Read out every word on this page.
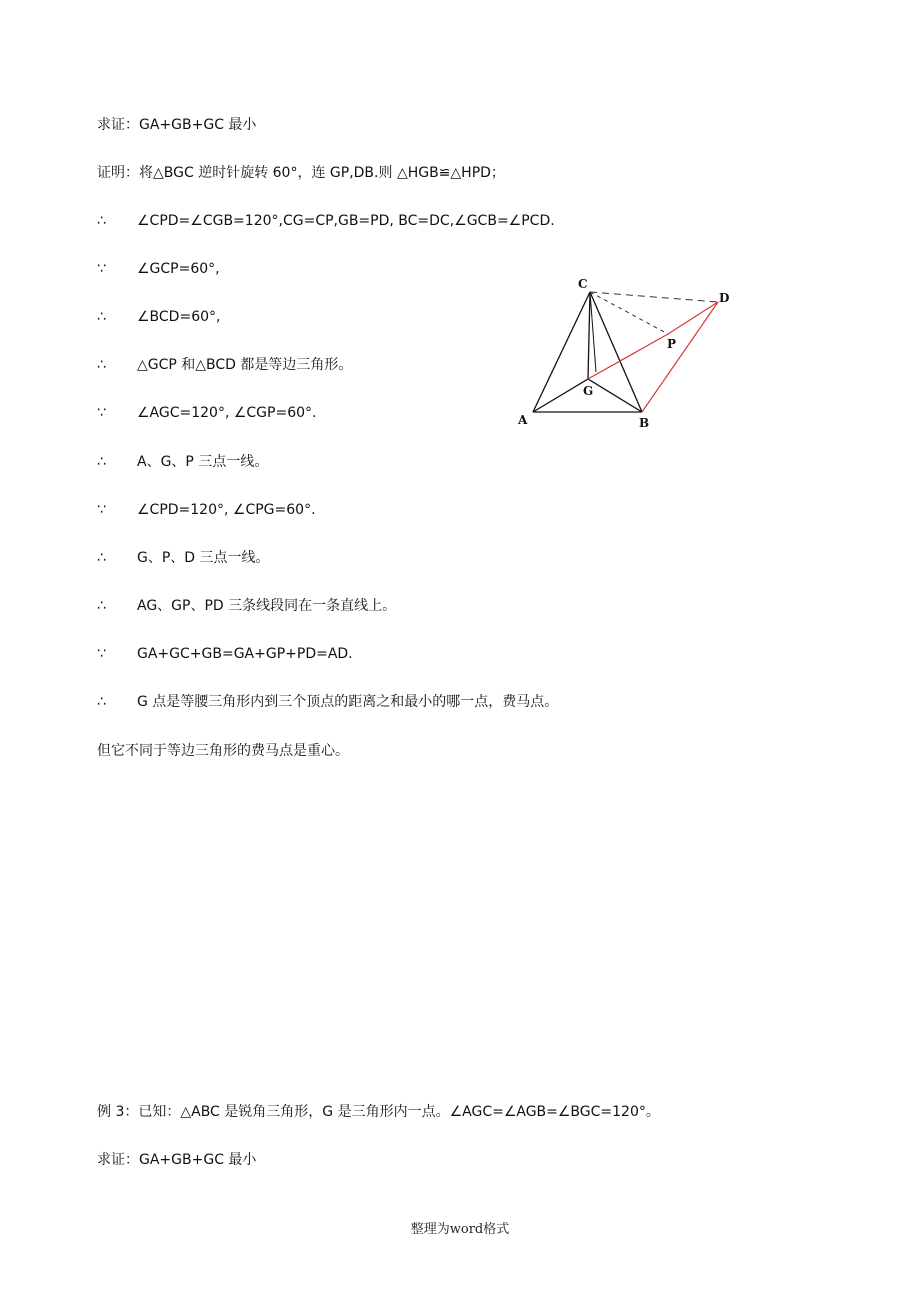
求证：GA+GB+GC 最小
证明：将△BGC 逆时针旋转 60°，连 GP,DB.则 △HGB≌△HPD；
∴ ∠CPD=∠CGB=120°,CG=CP,GB=PD, BC=DC,∠GCB=∠PCD.
∵ ∠GCP=60°,
∴ ∠BCD=60°,
∴ △GCP 和△BCD 都是等边三角形。
∵ ∠AGC=120°, ∠CGP=60°.
∴ A、G、P 三点一线。
∵ ∠CPD=120°, ∠CPG=60°.
∴ G、P、D 三点一线。
∴ AG、GP、PD 三条线段同在一条直线上。
∵ GA+GC+GB=GA+GP+PD=AD.
∴ G 点是等腰三角形内到三个顶点的距离之和最小的哪一点，费马点。
但它不同于等边三角形的费马点是重心。
例 3：已知：△ABC 是锐角三角形，G 是三角形内一点。∠AGC=∠AGB=∠BGC=120°。
求证：GA+GB+GC 最小
C
D
P
G
A	B
整理为word格式
